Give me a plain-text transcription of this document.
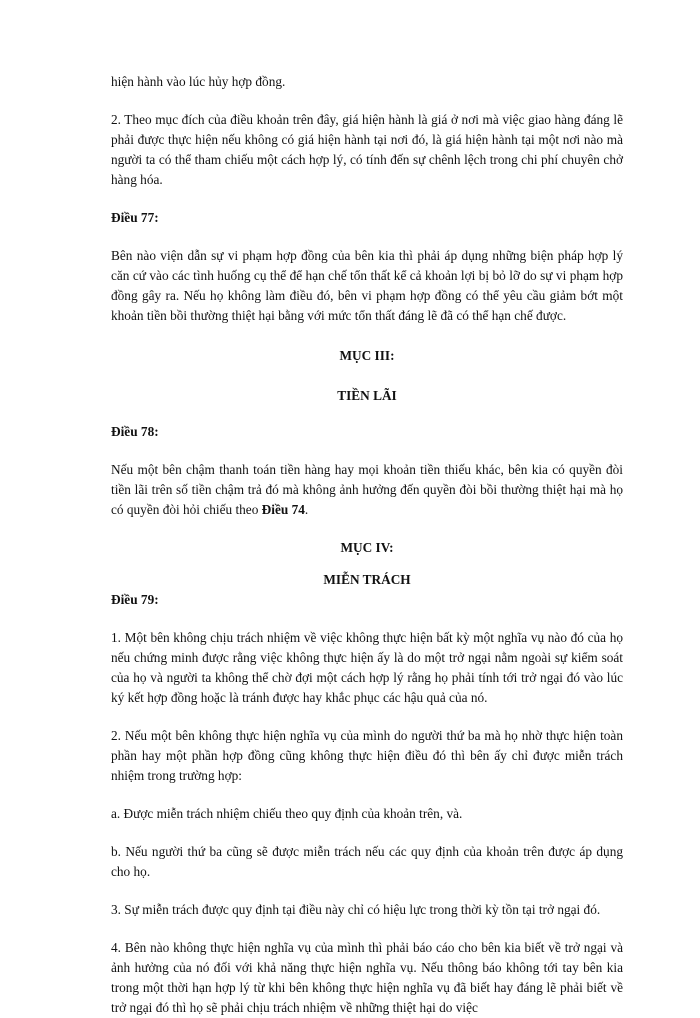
hiện hành vào lúc hủy hợp đồng.

2. Theo mục đích của điều khoản trên đây, giá hiện hành là giá ở nơi mà việc giao hàng đáng lẽ phải được thực hiện nếu không có giá hiện hành tại nơi đó, là giá hiện hành tại một nơi nào mà người ta có thể tham chiếu một cách hợp lý, có tính đến sự chênh lệch trong chi phí chuyên chở hàng hóa.

Điều 77:

Bên nào viện dẫn sự vi phạm hợp đồng của bên kia thì phải áp dụng những biện pháp hợp lý căn cứ vào các tình huống cụ thể để hạn chế tổn thất kể cả khoản lợi bị bỏ lỡ do sự vi phạm hợp đồng gây ra. Nếu họ không làm điều đó, bên vi phạm hợp đồng có thể yêu cầu giảm bớt một khoản tiền bồi thường thiệt hại bằng với mức tổn thất đáng lẽ đã có thể hạn chế được.

MỤC III:

TIỀN LÃI

Điều 78:

Nếu một bên chậm thanh toán tiền hàng hay mọi khoản tiền thiếu khác, bên kia có quyền đòi tiền lãi trên số tiền chậm trả đó mà không ảnh hưởng đến quyền đòi bồi thường thiệt hại mà họ có quyền đòi hỏi chiếu theo Điều 74.

MỤC IV:

MIỄN TRÁCH

Điều 79:

1. Một bên không chịu trách nhiệm về việc không thực hiện bất kỳ một nghĩa vụ nào đó của họ nếu chứng minh được rằng việc không thực hiện ấy là do một trở ngại nằm ngoài sự kiểm soát của họ và người ta không thể chờ đợi một cách hợp lý rằng họ phải tính tới trở ngại đó vào lúc ký kết hợp đồng hoặc là tránh được hay khắc phục các hậu quả của nó.

2. Nếu một bên không thực hiện nghĩa vụ của mình do người thứ ba mà họ nhờ thực hiện toàn phần hay một phần hợp đồng cũng không thực hiện điều đó thì bên ấy chỉ được miễn trách nhiệm trong trường hợp:

a. Được miễn trách nhiệm chiếu theo quy định của khoản trên, và.

b. Nếu người thứ ba cũng sẽ được miễn trách nếu các quy định của khoản trên được áp dụng cho họ.

3. Sự miễn trách được quy định tại điều này chỉ có hiệu lực trong thời kỳ tồn tại trở ngại đó.

4. Bên nào không thực hiện nghĩa vụ của mình thì phải báo cáo cho bên kia biết về trở ngại và ảnh hưởng của nó đối với khả năng thực hiện nghĩa vụ. Nếu thông báo không tới tay bên kia trong một thời hạn hợp lý từ khi bên không thực hiện nghĩa vụ đã biết hay đáng lẽ phải biết về trở ngại đó thì họ sẽ phải chịu trách nhiệm về những thiệt hại do việc
